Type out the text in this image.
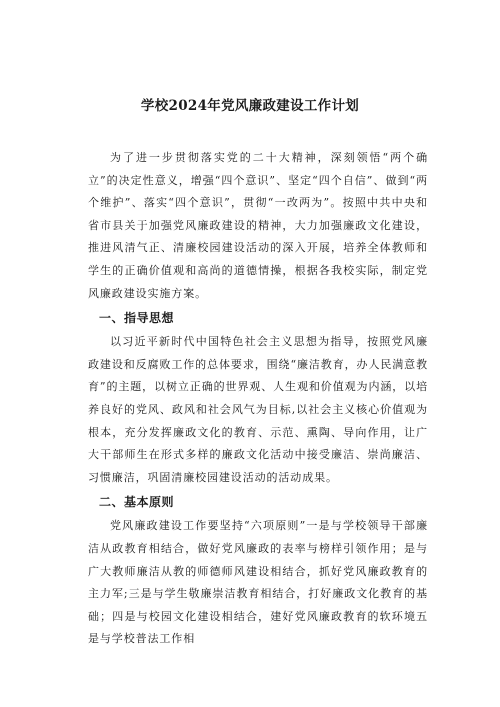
学校2024年党风廉政建设工作计划

为了进一步贯彻落实党的二十大精神，深刻领悟“两个确立”的决定性意义，增强“四个意识”、坚定“四个自信”、做到“两个维护”、落实“四个意识”，贯彻“一改两为”。按照中共中央和省市县关于加强党风廉政建设的精神，大力加强廉政文化建设，推进风清气正、清廉校园建设活动的深入开展，培养全体教师和学生的正确价值观和高尚的道德情操，根据各我校实际，制定党风廉政建设实施方案。

一、指导思想

以习近平新时代中国特色社会主义思想为指导，按照党风廉政建设和反腐败工作的总体要求，围绕“廉洁教育，办人民满意教育”的主题，以树立正确的世界观、人生观和价值观为内涵，以培养良好的党风、政风和社会风气为目标,以社会主义核心价值观为根本，充分发挥廉政文化的教育、示范、熏陶、导向作用，让广大干部师生在形式多样的廉政文化活动中接受廉洁、崇尚廉洁、习惯廉洁，巩固清廉校园建设活动的活动成果。

二、基本原则

党风廉政建设工作要坚持“六项原则”一是与学校领导干部廉洁从政教育相结合，做好党风廉政的表率与榜样引领作用；是与广大教师廉洁从教的师德师风建设相结合，抓好党风廉政教育的主力军;三是与学生敬廉崇洁教育相结合，打好廉政文化教育的基础；四是与校园文化建设相结合，建好党风廉政教育的软环境五是与学校普法工作相
